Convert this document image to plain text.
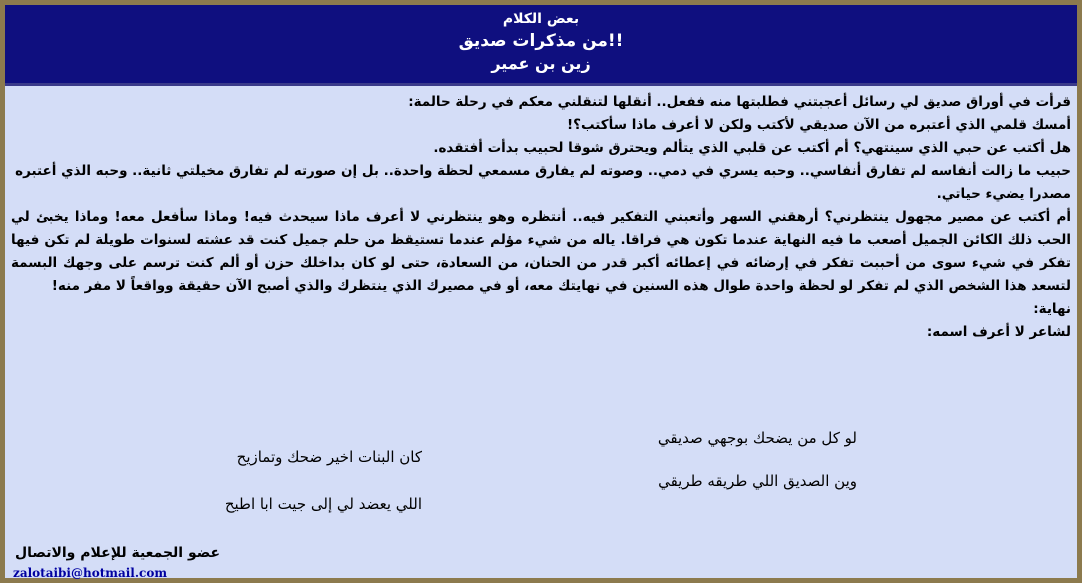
بعض الكلام
من مذكرات صديق!!
زين بن عمير

قرأت في أوراق صديق لي رسائل أعجبتني فطلبتها منه ففعل.. أنقلها لتنقلني معكم في رحلة حالمة:

أمسك قلمي الذي أعتبره من الآن صديقي لأكتب ولكن لا أعرف ماذا سأكتب؟!

هل أكتب عن حبي الذي سينتهي؟ أم أكتب عن قلبي الذي يتألم ويحترق شوقا لحبيب بدأت أفتقده.

حبيب ما زالت أنفاسه لم تفارق أنفاسي.. وحبه يسري في دمي.. وصوته لم يفارق مسمعي لحظة واحدة.. بل إن صورته لم تفارق مخيلتي ثانية.. وحبه الذي أعتبره مصدرا يضيء حياتي.

أم أكتب عن مصير مجهول ينتظرني؟ أرهقني السهر وأتعبني التفكير فيه.. أنتظره وهو ينتظرني لا أعرف ماذا سيحدث فيه! وماذا سأفعل معه! وماذا يخبئ لي الحب ذلك الكائن الجميل أصعب ما فيه النهاية عندما تكون هي فراقا. ياله من شيء مؤلم عندما تستيقظ من حلم جميل كنت قد عشته لسنوات طويلة لم تكن فيها تفكر في شيء سوى من أحببت تفكر في إرضائه في إعطائه أكبر قدر من الحنان، من السعادة، حتى لو كان بداخلك حزن أو ألم كنت ترسم على وجهك البسمة لتسعد هذا الشخص الذي لم تفكر لو لحظة واحدة طوال هذه السنين في نهايتك معه، أو في مصيرك الذي ينتظرك والذي أصبح الآن حقيقة وواقعاً لا مفر منه!

نهاية:

لشاعر لا أعرف اسمه:

لو كل من يضحك بوجهي صديقي
وين الصديق اللي طريقه طريقي
كان البنات اخير ضحك وتمازيح
اللي يعضد لي إلى جيت ابا اطيح
عضو الجمعية للإعلام والاتصال
zalotaibi@hotmail.com
